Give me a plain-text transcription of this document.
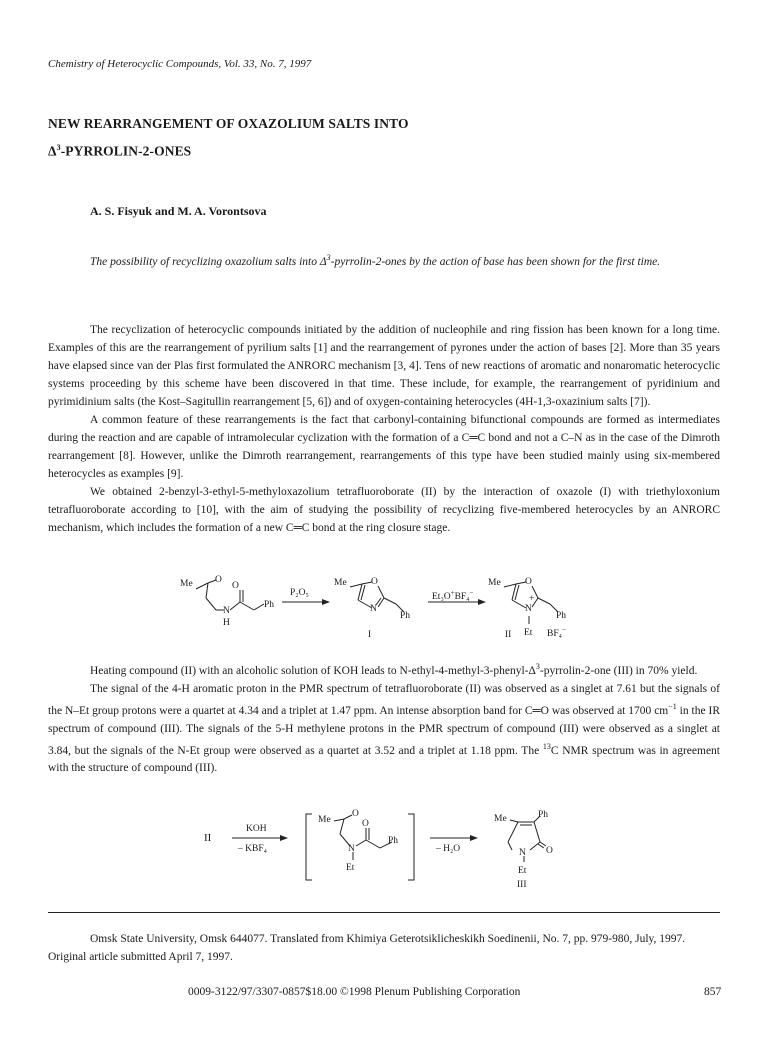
Chemistry of Heterocyclic Compounds, Vol. 33, No. 7, 1997
NEW REARRANGEMENT OF OXAZOLIUM SALTS INTO
$\Delta^3-PYRROLIN-2$-ONES
A. S. Fisyuk and M. A. Vorontsova
The possibility of recyclizing oxazolium salts into $\Delta^3-pyrrolin-2$-ones by the action of base has been shown for the first time.

The recyclization of heterocyclic compounds initiated by the addition of nucleophile and ring fission has been known for a long time. Examples of this are the rearrangement of pyrilium salts [1] and the rearrangement of pyrones under the action of bases [2]. More than 35 years have elapsed since van der Plas first formulated the ANRORC mechanism [3, 4]. Tens of new reactions of aromatic and nonaromatic heterocyclic systems proceeding by this scheme have been discovered in that time. These include, for example, the rearrangement of pyridinium and pyrimidinium salts (the Kost–Sagitullin rearrangement [5, 6]) and of oxygen-containing heterocycles (4H-1,3-oxazinium salts [7]).

A common feature of these rearrangements is the fact that carbonyl-containing bifunctional compounds are formed as intermediates during the reaction and are capable of intramolecular cyclization with the formation of a C═C bond and not a C–N as in the case of the Dimroth rearrangement [8]. However, unlike the Dimroth rearrangement, rearrangements of this type have been studied mainly using six-membered heterocycles as examples [9].

We obtained 2-benzyl-3-ethyl-5-methyloxazolium tetrafluoroborate (II) by the interaction of oxazole (I) with triethyloxonium tetrafluoroborate according to [10], with the aim of studying the possibility of recyclizing five-membered heterocycles by an ANRORC mechanism, which includes the formation of a new C═C bond at the ring closure stage.

Me O
O
N
H
Ph
P₂O₅
Me	O
N
Ph
I
Et₃O+BF₄−
Me	O
+
N
Ph
II Et BF₄−

Heating compound (II) with an alcoholic solution of KOH leads to $N-ethyl-4-methyl-3-phenyl-\Delta^3-pyrrolin-2$-one (III) in 70% yield.

The signal of the 4-H aromatic proton in the PMR spectrum of tetrafluoroborate (II) was observed as a singlet at 7.61 but the signals of the N–Et group protons were a quartet at 4.34 and a triplet at 1.47 ppm. An intense absorption band for C═O was observed at 1700 $cm^{-1}$ in the IR spectrum of compound (III). The signals of the 5-H methylene protons in the PMR spectrum of compound (III) were observed as a singlet at 3.84, but the signals of the N-Et group were observed as a quartet at 3.52 and a triplet at 1.18 ppm. The $^{13}$C NMR spectrum was in agreement with the structure of compound (III).

II
KOH
– KBF₄
Me
O
O
N
Ph
Et
– H₂O
Me	Ph
N O
Et
III
Omsk State University, Omsk 644077. Translated from Khimiya Geterotsiklicheskikh Soedinenii, No. 7, pp. 979-980, July, 1997. Original article submitted April 7, 1997.
0009-3122/97/3307-0857$18.00 ©1998 Plenum Publishing Corporation	857
